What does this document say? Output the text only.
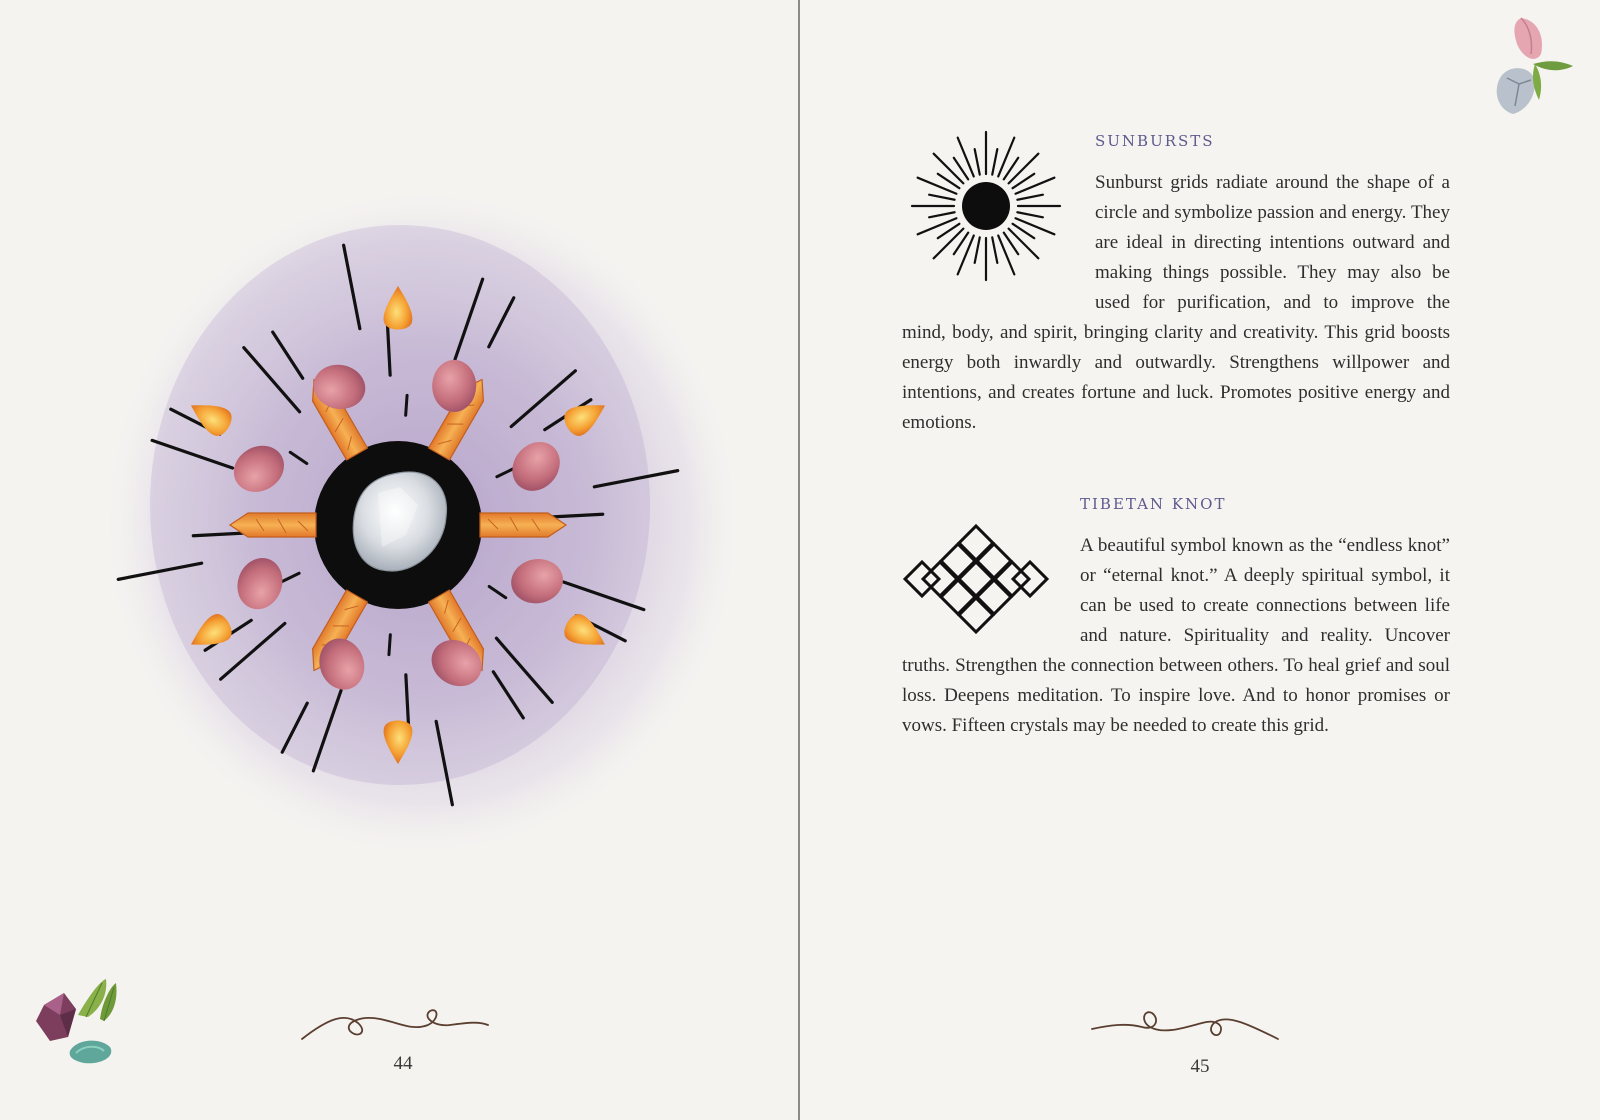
44
SUNBURSTS
Sunburst grids radiate around the shape of a circle and symbolize passion and energy. They are ideal in directing intentions outward and making things possible. They may also be used for purification, and to improve the mind, body, and spirit, bringing clarity and creativity. This grid boosts energy both inwardly and outwardly. Strengthens willpower and intentions, and creates fortune and luck. Promotes positive energy and emotions.
TIBETAN KNOT
A beautiful symbol known as the “endless knot” or “eternal knot.” A deeply spiritual symbol, it can be used to create connections between life and nature. Spirituality and reality. Uncover truths. Strengthen the connection between others. To heal grief and soul loss. Deepens meditation. To inspire love. And to honor promises or vows. Fifteen crystals may be needed to create this grid.
45
